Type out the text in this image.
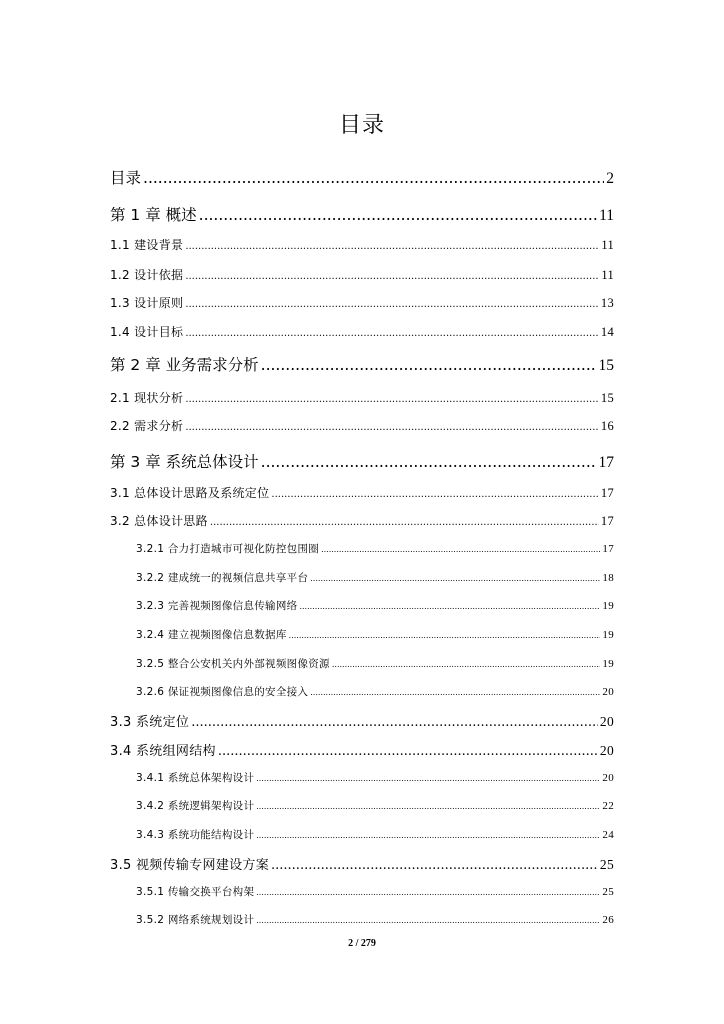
目录
目录 .....	2
第 1 章 概述 .....	11
1.1 建设背景 .....	11
1.2 设计依据 .....	11
1.3 设计原则 .....	13
1.4 设计目标 .....	14
第 2 章 业务需求分析 .....	15
2.1 现状分析 .....	15
2.2 需求分析 .....	16
第 3 章 系统总体设计 .....	17
3.1 总体设计思路及系统定位 .....	17
3.2 总体设计思路 .....	17
3.2.1 合力打造城市可视化防控包围圈 .....	17
3.2.2 建成统一的视频信息共享平台 .....	18
3.2.3 完善视频图像信息传输网络 .....	19
3.2.4 建立视频图像信息数据库 .....	19
3.2.5 整合公安机关内外部视频图像资源 .....	19
3.2.6 保证视频图像信息的安全接入 .....	20
3.3 系统定位 .....	20
3.4 系统组网结构 .....	20
3.4.1 系统总体架构设计 .....	20
3.4.2 系统逻辑架构设计 .....	22
3.4.3 系统功能结构设计 .....	24
3.5 视频传输专网建设方案 .....	25
3.5.1 传输交换平台构架 .....	25
3.5.2 网络系统规划设计 .....	26
2 / 279
